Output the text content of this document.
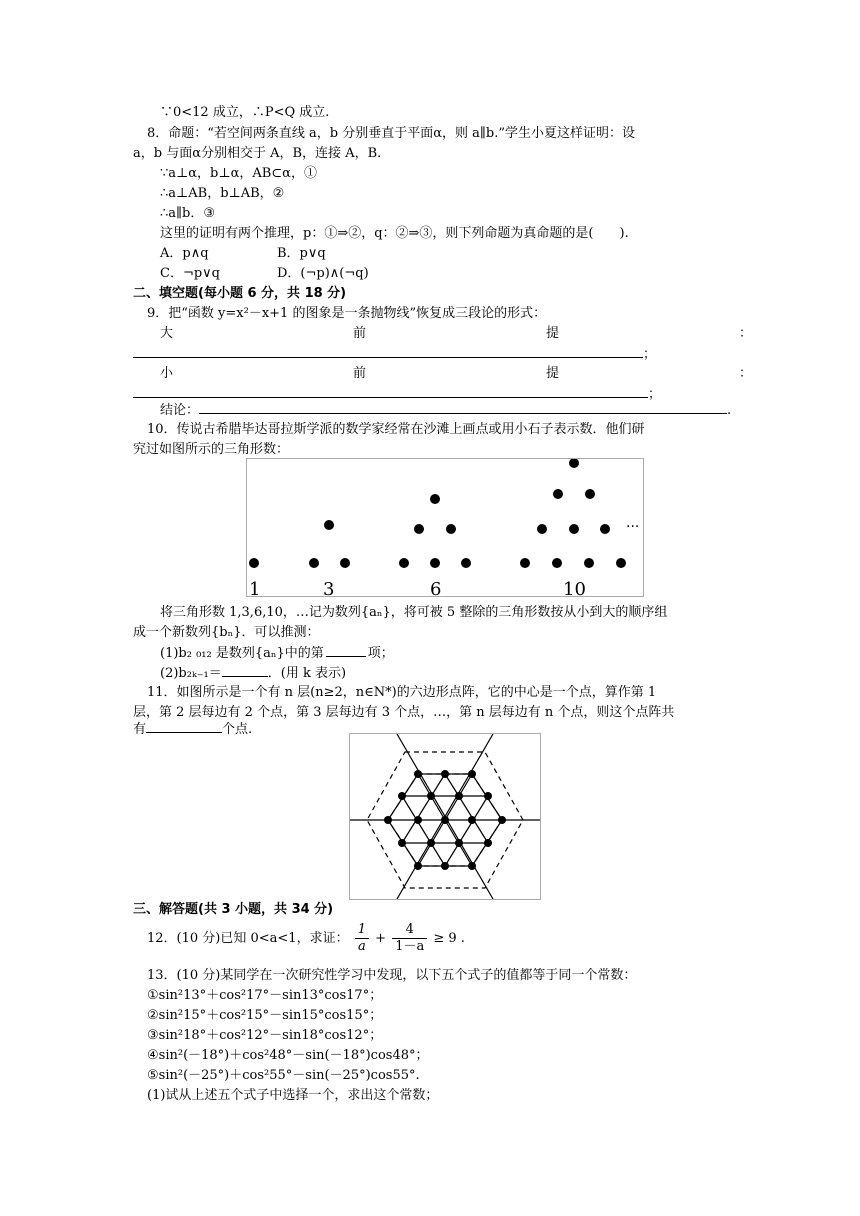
∵0<12 成立，∴P<Q 成立.
8．命题：“若空间两条直线 a，b 分别垂直于平面α，则 a∥b.”学生小夏这样证明：设
a，b 与面α分别相交于 A，B，连接 A，B.
∵a⊥α，b⊥α，AB⊂α，①
∴a⊥AB，b⊥AB，②
∴a∥b．③
这里的证明有两个推理，p：①⇒②，q：②⇒③，则下列命题为真命题的是(　　).
A．p∧q	B．p∨q
C．¬p∨q	D．(¬p)∧(¬q)
二、填空题(每小题 6 分，共 18 分)
9．把“函数 y=x²－x+1 的图象是一条抛物线”恢复成三段论的形式：
大	前	提	：
；
小	前	提	：
；
结论：	.
10．传说古希腊毕达哥拉斯学派的数学家经常在沙滩上画点或用小石子表示数．他们研
究过如图所示的三角形数：
1	3	6	10
···
将三角形数 1,3,6,10，…记为数列{aₙ}，将可被 5 整除的三角形数按从小到大的顺序组
成一个新数列{bₙ}．可以推测：
(1)b₂ ₀₁₂ 是数列{aₙ}中的第	项；
(2)b₂ₖ₋₁＝	．(用 k 表示)
11．如图所示是一个有 n 层(n≥2，n∈N*)的六边形点阵，它的中心是一个点，算作第 1
层，第 2 层每边有 2 个点，第 3 层每边有 3 个点，…，第 n 层每边有 n 个点，则这个点阵共
有	个点.
三、解答题(共 3 小题，共 34 分)
12．(10 分)已知 0<a<1，求证： $\frac{1}{a} + \frac{4}{1-a} \ge 9$ .
13．(10 分)某同学在一次研究性学习中发现，以下五个式子的值都等于同一个常数：
①sin²13°＋cos²17°－sin13°cos17°；
②sin²15°＋cos²15°－sin15°cos15°；
③sin²18°＋cos²12°－sin18°cos12°；
④sin²(－18°)＋cos²48°－sin(－18°)cos48°；
⑤sin²(－25°)＋cos²55°－sin(－25°)cos55°.
(1)试从上述五个式子中选择一个，求出这个常数；
